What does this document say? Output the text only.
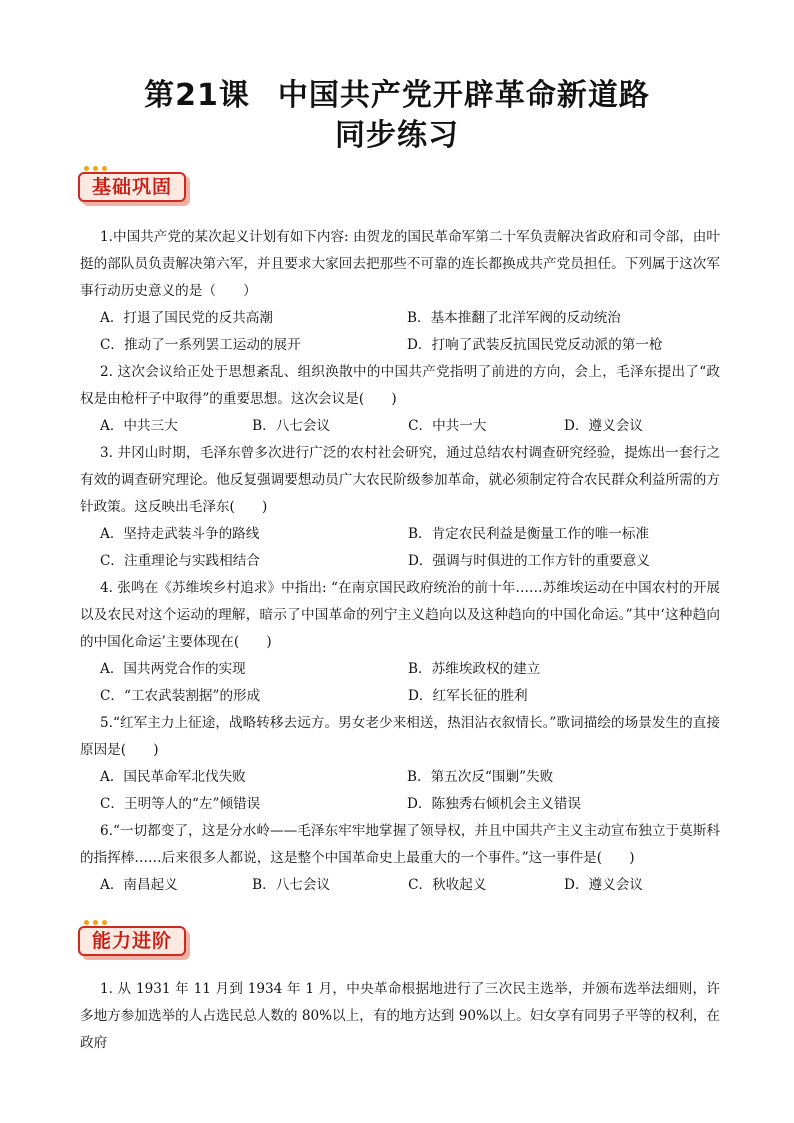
第21课 中国共产党开辟革命新道路
同步练习
基础巩固

1.中国共产党的某次起义计划有如下内容: 由贺龙的国民革命军第二十军负责解决省政府和司令部，由叶挺的部队员负责解决第六军，并且要求大家回去把那些不可靠的连长都换成共产党员担任。下列属于这次军事行动历史意义的是（　　）

A．打退了国民党的反共高潮	B．基本推翻了北洋军阀的反动统治
C．推动了一系列罢工运动的展开	D．打响了武装反抗国民党反动派的第一枪

2. 这次会议给正处于思想紊乱、组织涣散中的中国共产党指明了前进的方向，会上，毛泽东提出了“政权是由枪杆子中取得”的重要思想。这次会议是(　　)

A．中共三大	B．八七会议	C．中共一大	D．遵义会议

3. 井冈山时期，毛泽东曾多次进行广泛的农村社会研究，通过总结农村调查研究经验，提炼出一套行之有效的调查研究理论。他反复强调要想动员广大农民阶级参加革命，就必须制定符合农民群众利益所需的方针政策。这反映出毛泽东(　　)

A．坚持走武装斗争的路线	B．肯定农民利益是衡量工作的唯一标准
C．注重理论与实践相结合	D．强调与时俱进的工作方针的重要意义

4. 张鸣在《苏维埃乡村追求》中指出: “在南京国民政府统治的前十年……苏维埃运动在中国农村的开展以及农民对这个运动的理解，暗示了中国革命的列宁主义趋向以及这种趋向的中国化命运。”其中‘这种趋向的中国化命运’主要体现在(　　)

A．国共两党合作的实现	B．苏维埃政权的建立
C．“工农武装割据”的形成	D．红军长征的胜利

5.“红军主力上征途，战略转移去远方。男女老少来相送，热泪沾衣叙情长。”歌词描绘的场景发生的直接原因是(　　)

A．国民革命军北伐失败	B．第五次反“围剿”失败
C．王明等人的“左”倾错误	D．陈独秀右倾机会主义错误

6.“一切都变了，这是分水岭——毛泽东牢牢地掌握了领导权，并且中国共产主义主动宣布独立于莫斯科的指挥棒……后来很多人都说，这是整个中国革命史上最重大的一个事件。”这一事件是(　　)

A．南昌起义	B．八七会议	C．秋收起义	D．遵义会议
能力进阶

1. 从 1931 年 11 月到 1934 年 1 月，中央革命根据地进行了三次民主选举，并颁布选举法细则，许多地方参加选举的人占选民总人数的 80%以上，有的地方达到 90%以上。妇女享有同男子平等的权利，在政府
